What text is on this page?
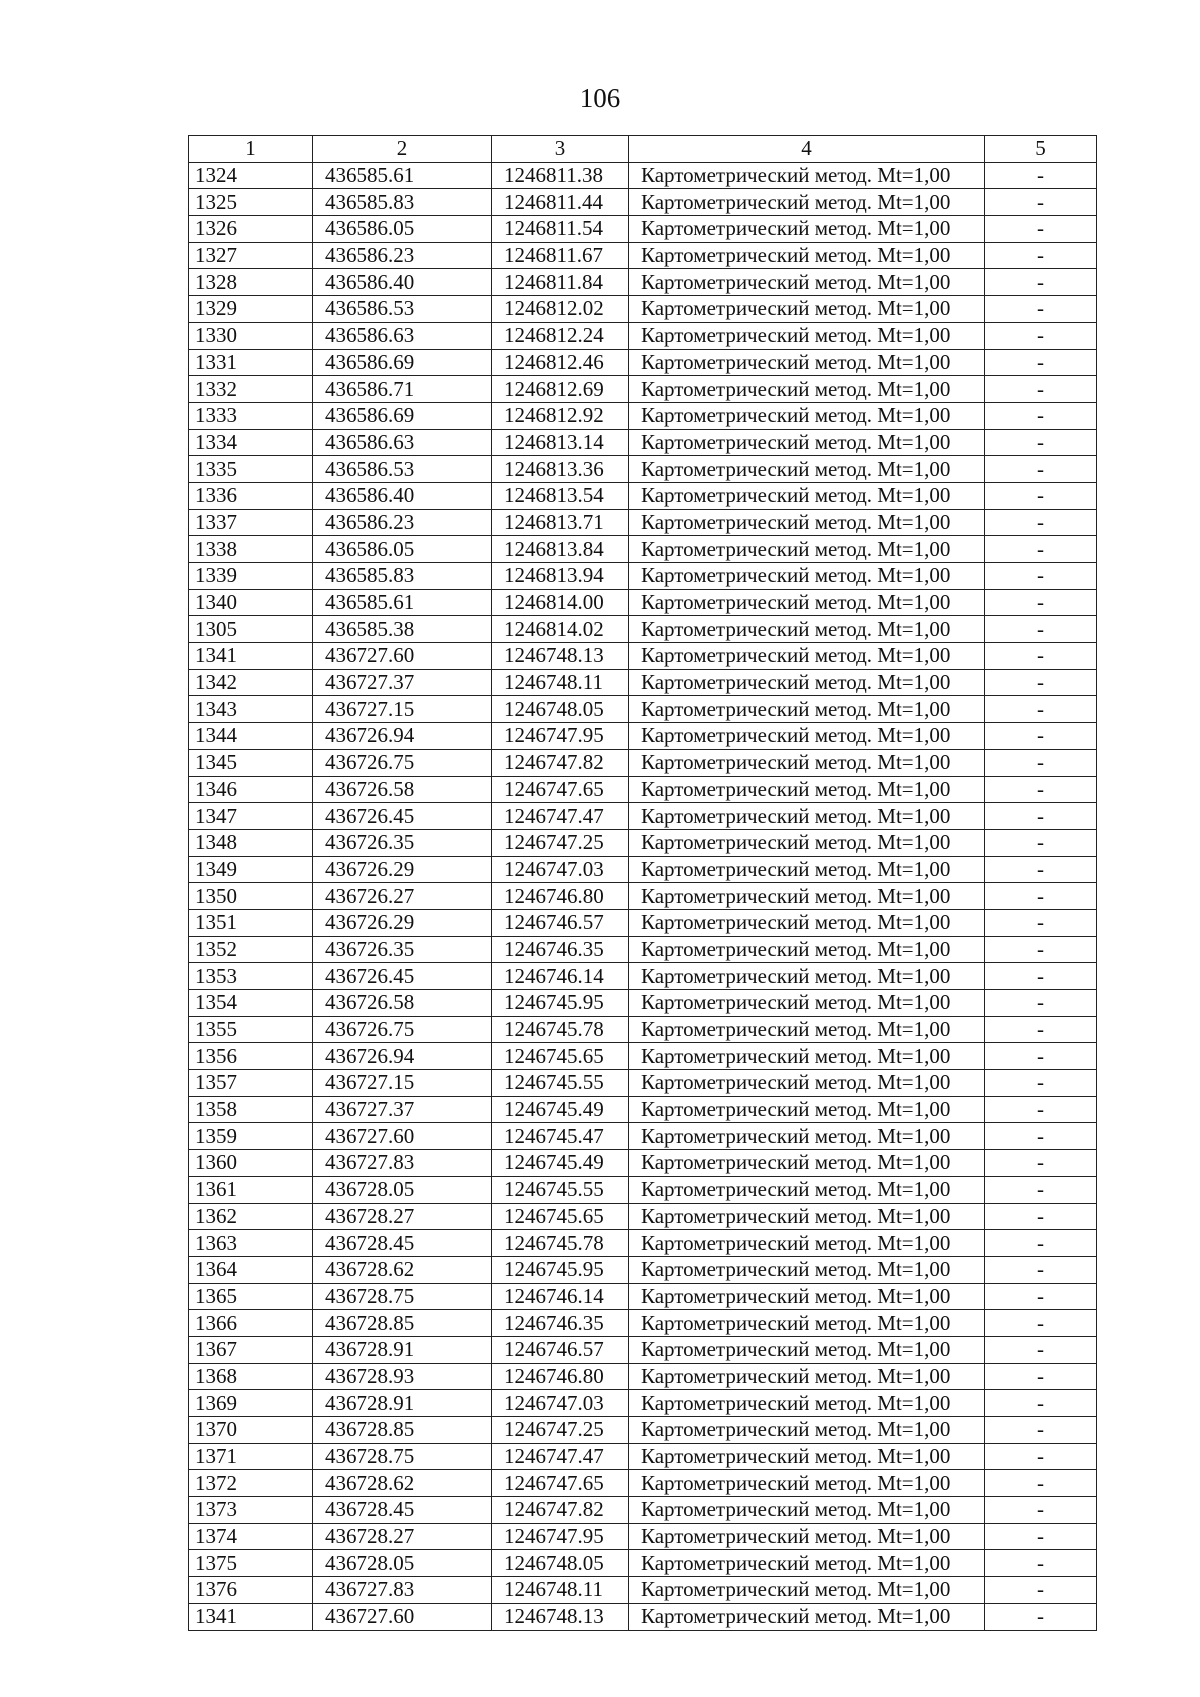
106
1	2	3	4	5
1324	436585.61	1246811.38	Картометрический метод. Mt=1,00	-
1325	436585.83	1246811.44	Картометрический метод. Mt=1,00	-
1326	436586.05	1246811.54	Картометрический метод. Mt=1,00	-
1327	436586.23	1246811.67	Картометрический метод. Mt=1,00	-
1328	436586.40	1246811.84	Картометрический метод. Mt=1,00	-
1329	436586.53	1246812.02	Картометрический метод. Mt=1,00	-
1330	436586.63	1246812.24	Картометрический метод. Mt=1,00	-
1331	436586.69	1246812.46	Картометрический метод. Mt=1,00	-
1332	436586.71	1246812.69	Картометрический метод. Mt=1,00	-
1333	436586.69	1246812.92	Картометрический метод. Mt=1,00	-
1334	436586.63	1246813.14	Картометрический метод. Mt=1,00	-
1335	436586.53	1246813.36	Картометрический метод. Mt=1,00	-
1336	436586.40	1246813.54	Картометрический метод. Mt=1,00	-
1337	436586.23	1246813.71	Картометрический метод. Mt=1,00	-
1338	436586.05	1246813.84	Картометрический метод. Mt=1,00	-
1339	436585.83	1246813.94	Картометрический метод. Mt=1,00	-
1340	436585.61	1246814.00	Картометрический метод. Mt=1,00	-
1305	436585.38	1246814.02	Картометрический метод. Mt=1,00	-
1341	436727.60	1246748.13	Картометрический метод. Mt=1,00	-
1342	436727.37	1246748.11	Картометрический метод. Mt=1,00	-
1343	436727.15	1246748.05	Картометрический метод. Mt=1,00	-
1344	436726.94	1246747.95	Картометрический метод. Mt=1,00	-
1345	436726.75	1246747.82	Картометрический метод. Mt=1,00	-
1346	436726.58	1246747.65	Картометрический метод. Mt=1,00	-
1347	436726.45	1246747.47	Картометрический метод. Mt=1,00	-
1348	436726.35	1246747.25	Картометрический метод. Mt=1,00	-
1349	436726.29	1246747.03	Картометрический метод. Mt=1,00	-
1350	436726.27	1246746.80	Картометрический метод. Mt=1,00	-
1351	436726.29	1246746.57	Картометрический метод. Mt=1,00	-
1352	436726.35	1246746.35	Картометрический метод. Mt=1,00	-
1353	436726.45	1246746.14	Картометрический метод. Mt=1,00	-
1354	436726.58	1246745.95	Картометрический метод. Mt=1,00	-
1355	436726.75	1246745.78	Картометрический метод. Mt=1,00	-
1356	436726.94	1246745.65	Картометрический метод. Mt=1,00	-
1357	436727.15	1246745.55	Картометрический метод. Mt=1,00	-
1358	436727.37	1246745.49	Картометрический метод. Mt=1,00	-
1359	436727.60	1246745.47	Картометрический метод. Mt=1,00	-
1360	436727.83	1246745.49	Картометрический метод. Mt=1,00	-
1361	436728.05	1246745.55	Картометрический метод. Mt=1,00	-
1362	436728.27	1246745.65	Картометрический метод. Mt=1,00	-
1363	436728.45	1246745.78	Картометрический метод. Mt=1,00	-
1364	436728.62	1246745.95	Картометрический метод. Mt=1,00	-
1365	436728.75	1246746.14	Картометрический метод. Mt=1,00	-
1366	436728.85	1246746.35	Картометрический метод. Mt=1,00	-
1367	436728.91	1246746.57	Картометрический метод. Mt=1,00	-
1368	436728.93	1246746.80	Картометрический метод. Mt=1,00	-
1369	436728.91	1246747.03	Картометрический метод. Mt=1,00	-
1370	436728.85	1246747.25	Картометрический метод. Mt=1,00	-
1371	436728.75	1246747.47	Картометрический метод. Mt=1,00	-
1372	436728.62	1246747.65	Картометрический метод. Mt=1,00	-
1373	436728.45	1246747.82	Картометрический метод. Mt=1,00	-
1374	436728.27	1246747.95	Картометрический метод. Mt=1,00	-
1375	436728.05	1246748.05	Картометрический метод. Mt=1,00	-
1376	436727.83	1246748.11	Картометрический метод. Mt=1,00	-
1341	436727.60	1246748.13	Картометрический метод. Mt=1,00	-
